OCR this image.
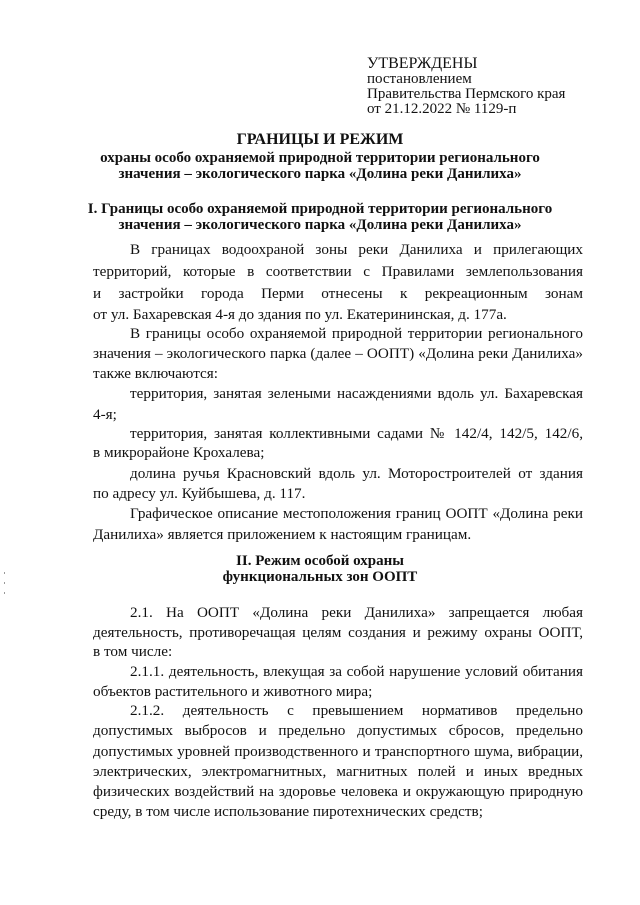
УТВЕРЖДЕНЫ
постановлением
Правительства Пермского края
от 21.12.2022 № 1129-п
ГРАНИЦЫ И РЕЖИМ
охраны особо охраняемой природной территории регионального
значения – экологического парка «Долина реки Данилиха»
I. Границы особо охраняемой природной территории регионального
значения – экологического парка «Долина реки Данилиха»
В границах водоохраной зоны реки Данилиха и прилегающих
территорий, которые в соответствии с Правилами землепользования
и застройки города Перми отнесены к рекреационным зонам
от ул. Бахаревская 4-я до здания по ул. Екатерининская, д. 177а.
В границы особо охраняемой природной территории регионального
значения – экологического парка (далее – ООПТ) «Долина реки Данилиха»
также включаются:
территория, занятая зелеными насаждениями вдоль ул. Бахаревская
4-я;
территория, занятая коллективными садами № 142/4, 142/5, 142/6,
в микрорайоне Крохалева;
долина ручья Красновский вдоль ул. Моторостроителей от здания
по адресу ул. Куйбышева, д. 117.
Графическое описание местоположения границ ООПТ «Долина реки
Данилиха» является приложением к настоящим границам.
II. Режим особой охраны
функциональных зон ООПТ
2.1. На ООПТ «Долина реки Данилиха» запрещается любая
деятельность, противоречащая целям создания и режиму охраны ООПТ,
в том числе:
2.1.1. деятельность, влекущая за собой нарушение условий обитания
объектов растительного и животного мира;
2.1.2. деятельность с превышением нормативов предельно
допустимых выбросов и предельно допустимых сбросов, предельно
допустимых уровней производственного и транспортного шума, вибрации,
электрических, электромагнитных, магнитных полей и иных вредных
физических воздействий на здоровье человека и окружающую природную
среду, в том числе использование пиротехнических средств;
